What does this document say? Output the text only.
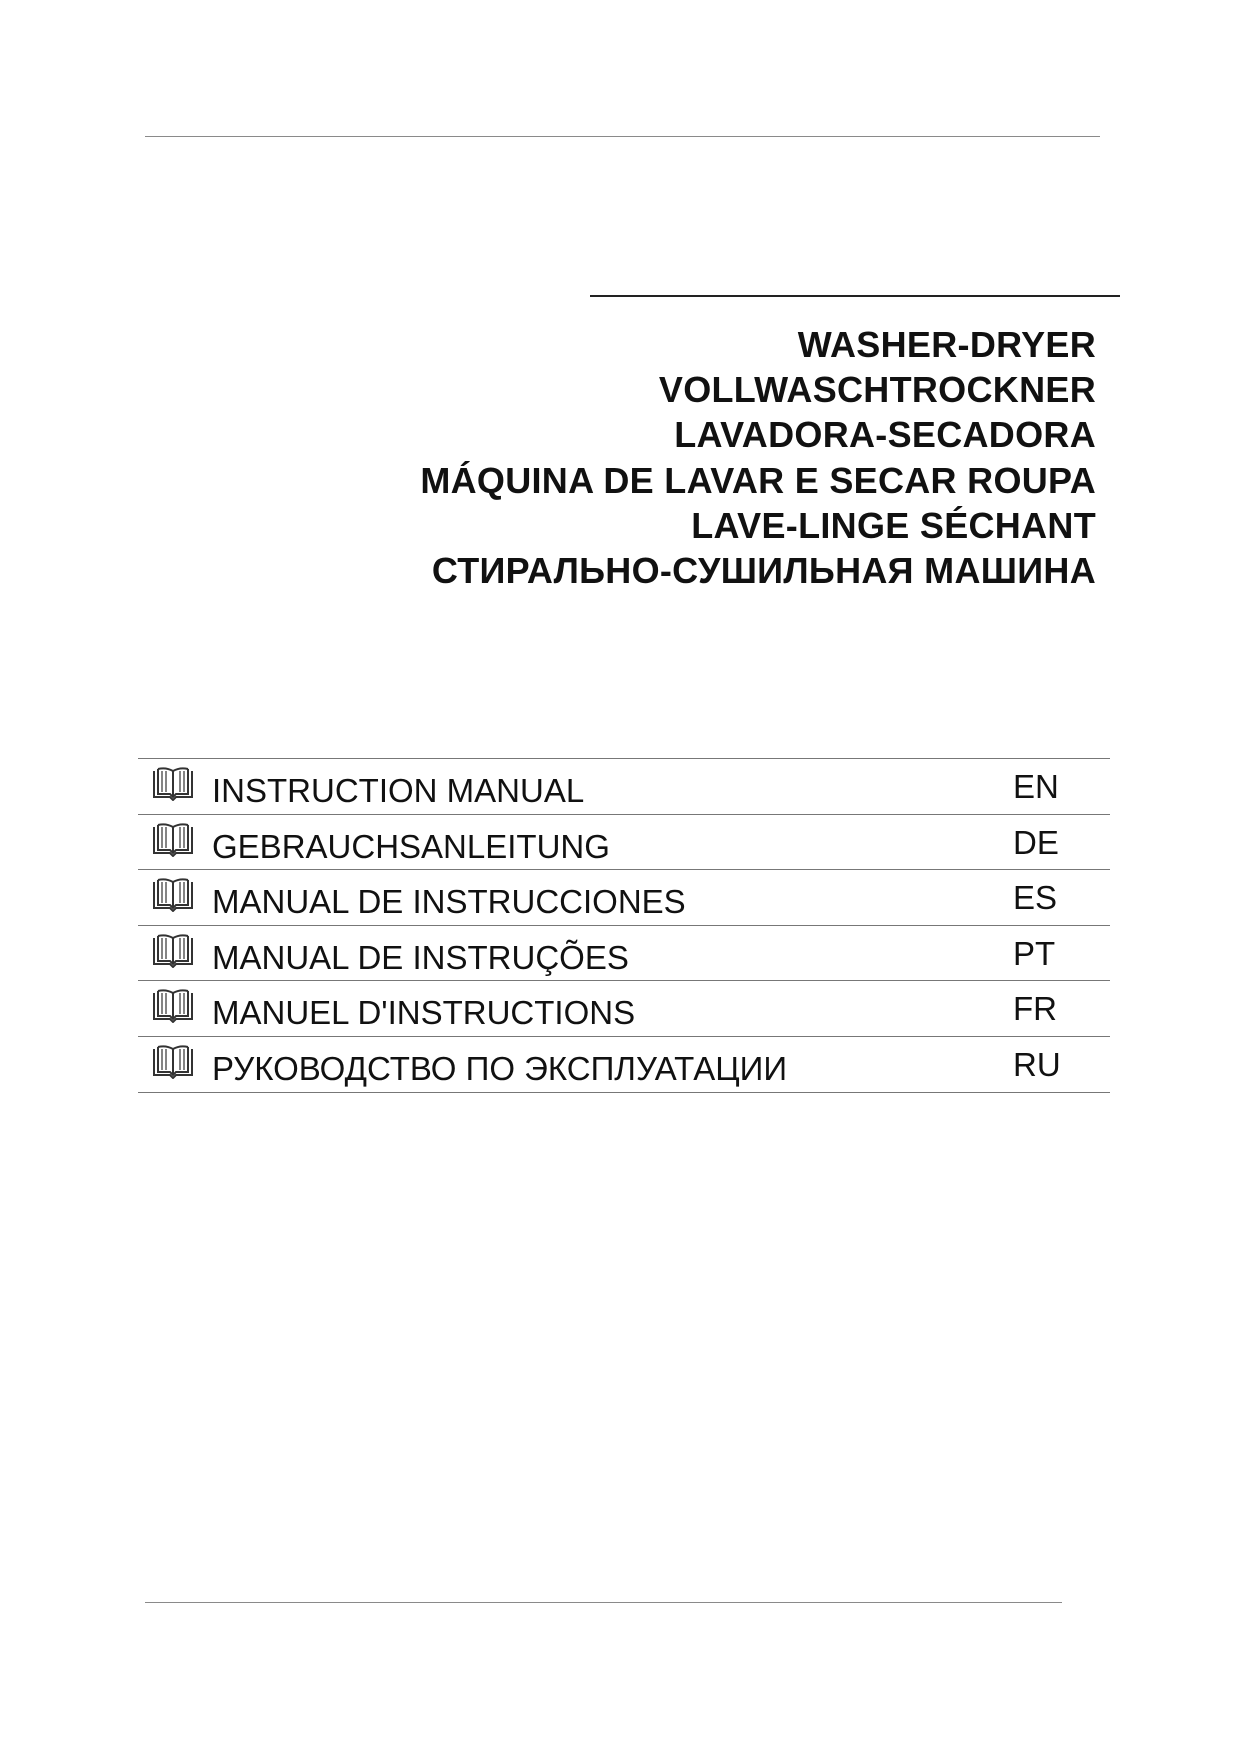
WASHER-DRYER
VOLLWASCHTROCKNER
LAVADORA-SECADORA
MÁQUINA DE LAVAR E SECAR ROUPA
LAVE-LINGE SÉCHANT
СТИРАЛЬНО-СУШИЛЬНАЯ МАШИНА
INSTRUCTION MANUAL	EN
GEBRAUCHSANLEITUNG	DE
MANUAL DE INSTRUCCIONES	ES
MANUAL DE INSTRUÇÕES	PT
MANUEL D'INSTRUCTIONS	FR
РУКОВОДСТВО ПО ЭКСПЛУАТАЦИИ	RU
